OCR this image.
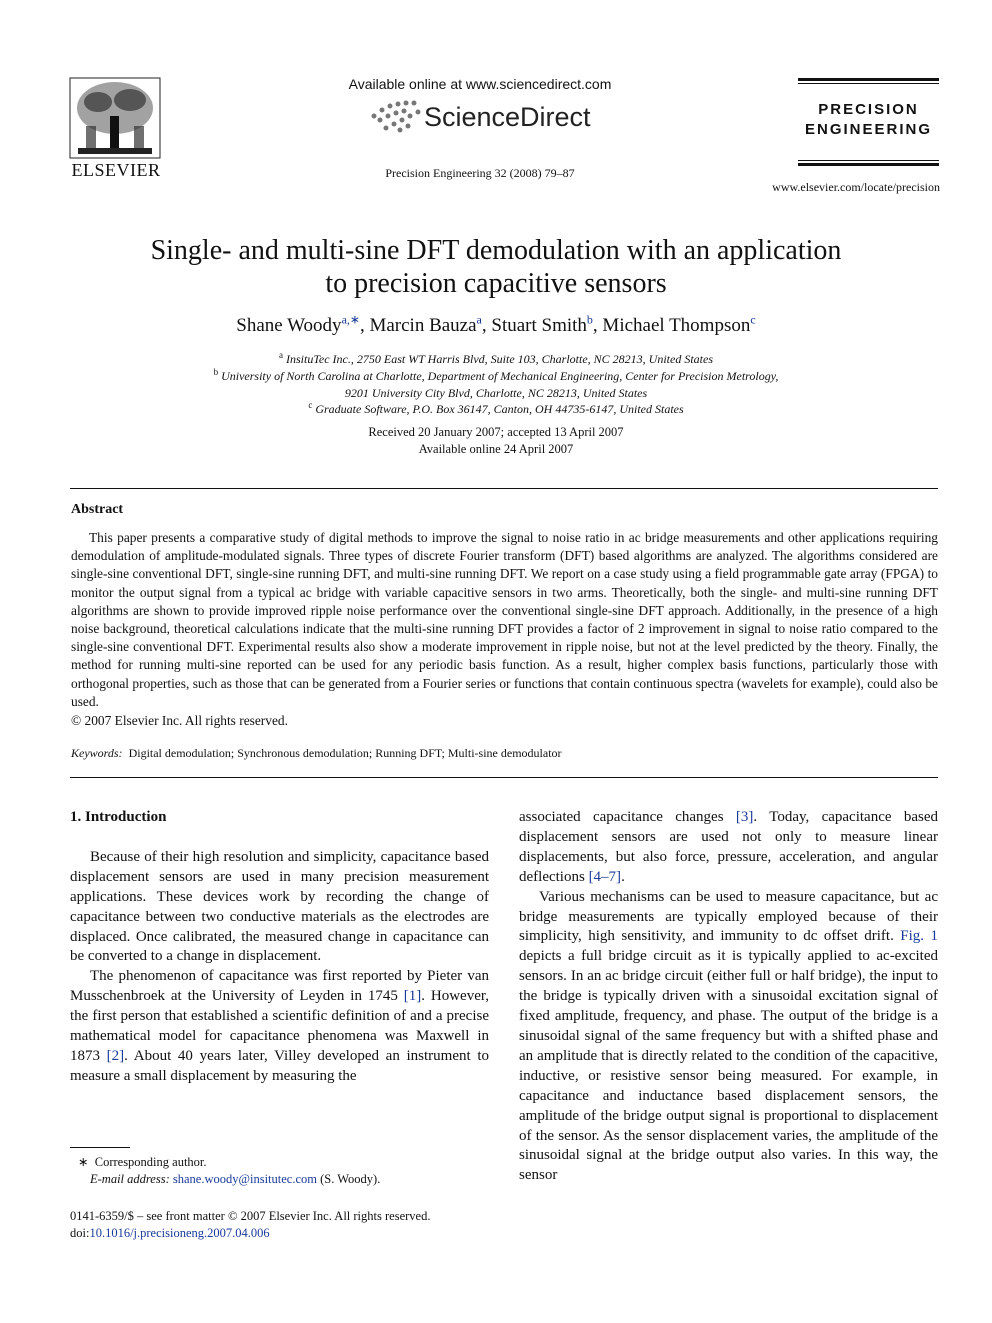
ELSEVIER
Available online at www.sciencedirect.com
ScienceDirect
Precision Engineering 32 (2008) 79–87
PRECISION
ENGINEERING
www.elsevier.com/locate/precision
Single- and multi-sine DFT demodulation with an application
to precision capacitive sensors
Shane Woody$^{a,∗}$, Marcin Bauza$^a$, Stuart Smith$^b$, Michael Thompson$^c$
$^a$ InsituTec Inc., 2750 East WT Harris Blvd, Suite 103, Charlotte, NC 28213, United States
$^b$ University of North Carolina at Charlotte, Department of Mechanical Engineering, Center for Precision Metrology,
9201 University City Blvd, Charlotte, NC 28213, United States
$^c$ Graduate Software, P.O. Box 36147, Canton, OH 44735-6147, United States
Received 20 January 2007; accepted 13 April 2007
Available online 24 April 2007
Abstract
This paper presents a comparative study of digital methods to improve the signal to noise ratio in ac bridge measurements and other applications requiring demodulation of amplitude-modulated signals. Three types of discrete Fourier transform (DFT) based algorithms are analyzed. The algorithms considered are single-sine conventional DFT, single-sine running DFT, and multi-sine running DFT. We report on a case study using a field programmable gate array (FPGA) to monitor the output signal from a typical ac bridge with variable capacitive sensors in two arms. Theoretically, both the single- and multi-sine running DFT algorithms are shown to provide improved ripple noise performance over the conventional single-sine DFT approach. Additionally, in the presence of a high noise background, theoretical calculations indicate that the multi-sine running DFT provides a factor of 2 improvement in signal to noise ratio compared to the single-sine conventional DFT. Experimental results also show a moderate improvement in ripple noise, but not at the level predicted by the theory. Finally, the method for running multi-sine reported can be used for any periodic basis function. As a result, higher complex basis functions, particularly those with orthogonal properties, such as those that can be generated from a Fourier series or functions that contain continuous spectra (wavelets for example), could also be used.
© 2007 Elsevier Inc. All rights reserved.
Keywords: Digital demodulation; Synchronous demodulation; Running DFT; Multi-sine demodulator

1. Introduction

Because of their high resolution and simplicity, capacitance based displacement sensors are used in many precision measurement applications. These devices work by recording the change of capacitance between two conductive materials as the electrodes are displaced. Once calibrated, the measured change in capacitance can be converted to a change in displacement.

The phenomenon of capacitance was first reported by Pieter van Musschenbroek at the University of Leyden in 1745 [1]. However, the first person that established a scientific definition of and a precise mathematical model for capacitance phenomena was Maxwell in 1873 [2]. About 40 years later, Villey developed an instrument to measure a small displacement by measuring the

associated capacitance changes [3]. Today, capacitance based displacement sensors are used not only to measure linear displacements, but also force, pressure, acceleration, and angular deflections [4–7].

Various mechanisms can be used to measure capacitance, but ac bridge measurements are typically employed because of their simplicity, high sensitivity, and immunity to dc offset drift. Fig. 1 depicts a full bridge circuit as it is typically applied to ac-excited sensors. In an ac bridge circuit (either full or half bridge), the input to the bridge is typically driven with a sinusoidal excitation signal of fixed amplitude, frequency, and phase. The output of the bridge is a sinusoidal signal of the same frequency but with a shifted phase and an amplitude that is directly related to the condition of the capacitive, inductive, or resistive sensor being measured. For example, in capacitance and inductance based displacement sensors, the amplitude of the bridge output signal is proportional to displacement of the sensor. As the sensor displacement varies, the amplitude of the sinusoidal signal at the bridge output also varies. In this way, the sensor

∗ Corresponding author.
E-mail address: shane.woody@insitutec.com (S. Woody).
0141-6359/$ – see front matter © 2007 Elsevier Inc. All rights reserved.
doi:10.1016/j.precisioneng.2007.04.006
